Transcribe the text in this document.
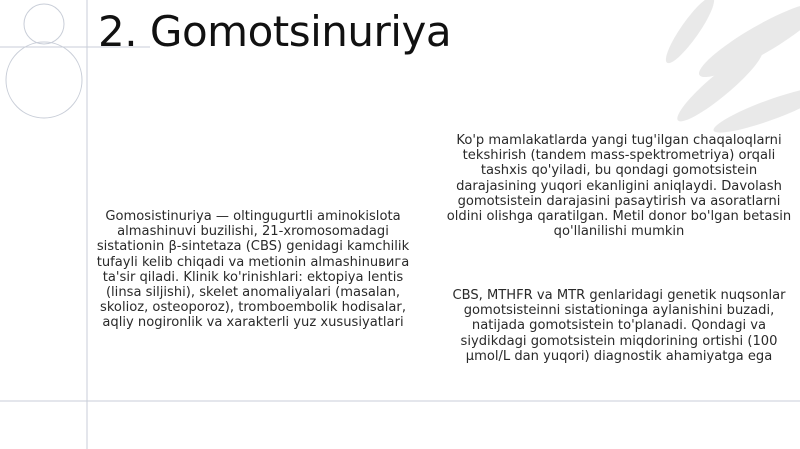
2. Gomotsinuriya
Gomosistinuriya — oltingugurtli aminokislota almashinuvi buzilishi, 21-xromosomadagi sistationin β-sintetaza (CBS) genidagi kamchilik tufayli kelib chiqadi va metionin almashinuвига ta'sir qiladi. Klinik ko'rinishlari: ektopiya lentis (linsa siljishi), skelet anomaliyalari (masalan, skolioz, osteoporoz), tromboembolik hodisalar, aqliy nogironlik va xarakterli yuz xususiyatlari
Ko'p mamlakatlarda yangi tug'ilgan chaqaloqlarni tekshirish (tandem mass-spektrometriya) orqali tashxis qo'yiladi, bu qondagi gomotsistein darajasining yuqori ekanligini aniqlaydi. Davolash gomotsistein darajasini pasaytirish va asoratlarni oldini olishga qaratilgan. Metil donor bo'lgan betasin qo'llanilishi mumkin
CBS, MTHFR va MTR genlaridagi genetik nuqsonlar gomotsisteinni sistationinga aylanishini buzadi, natijada gomotsistein to'planadi. Qondagi va siydikdagi gomotsistein miqdorining ortishi (100 μmol/L dan yuqori) diagnostik ahamiyatga ega
